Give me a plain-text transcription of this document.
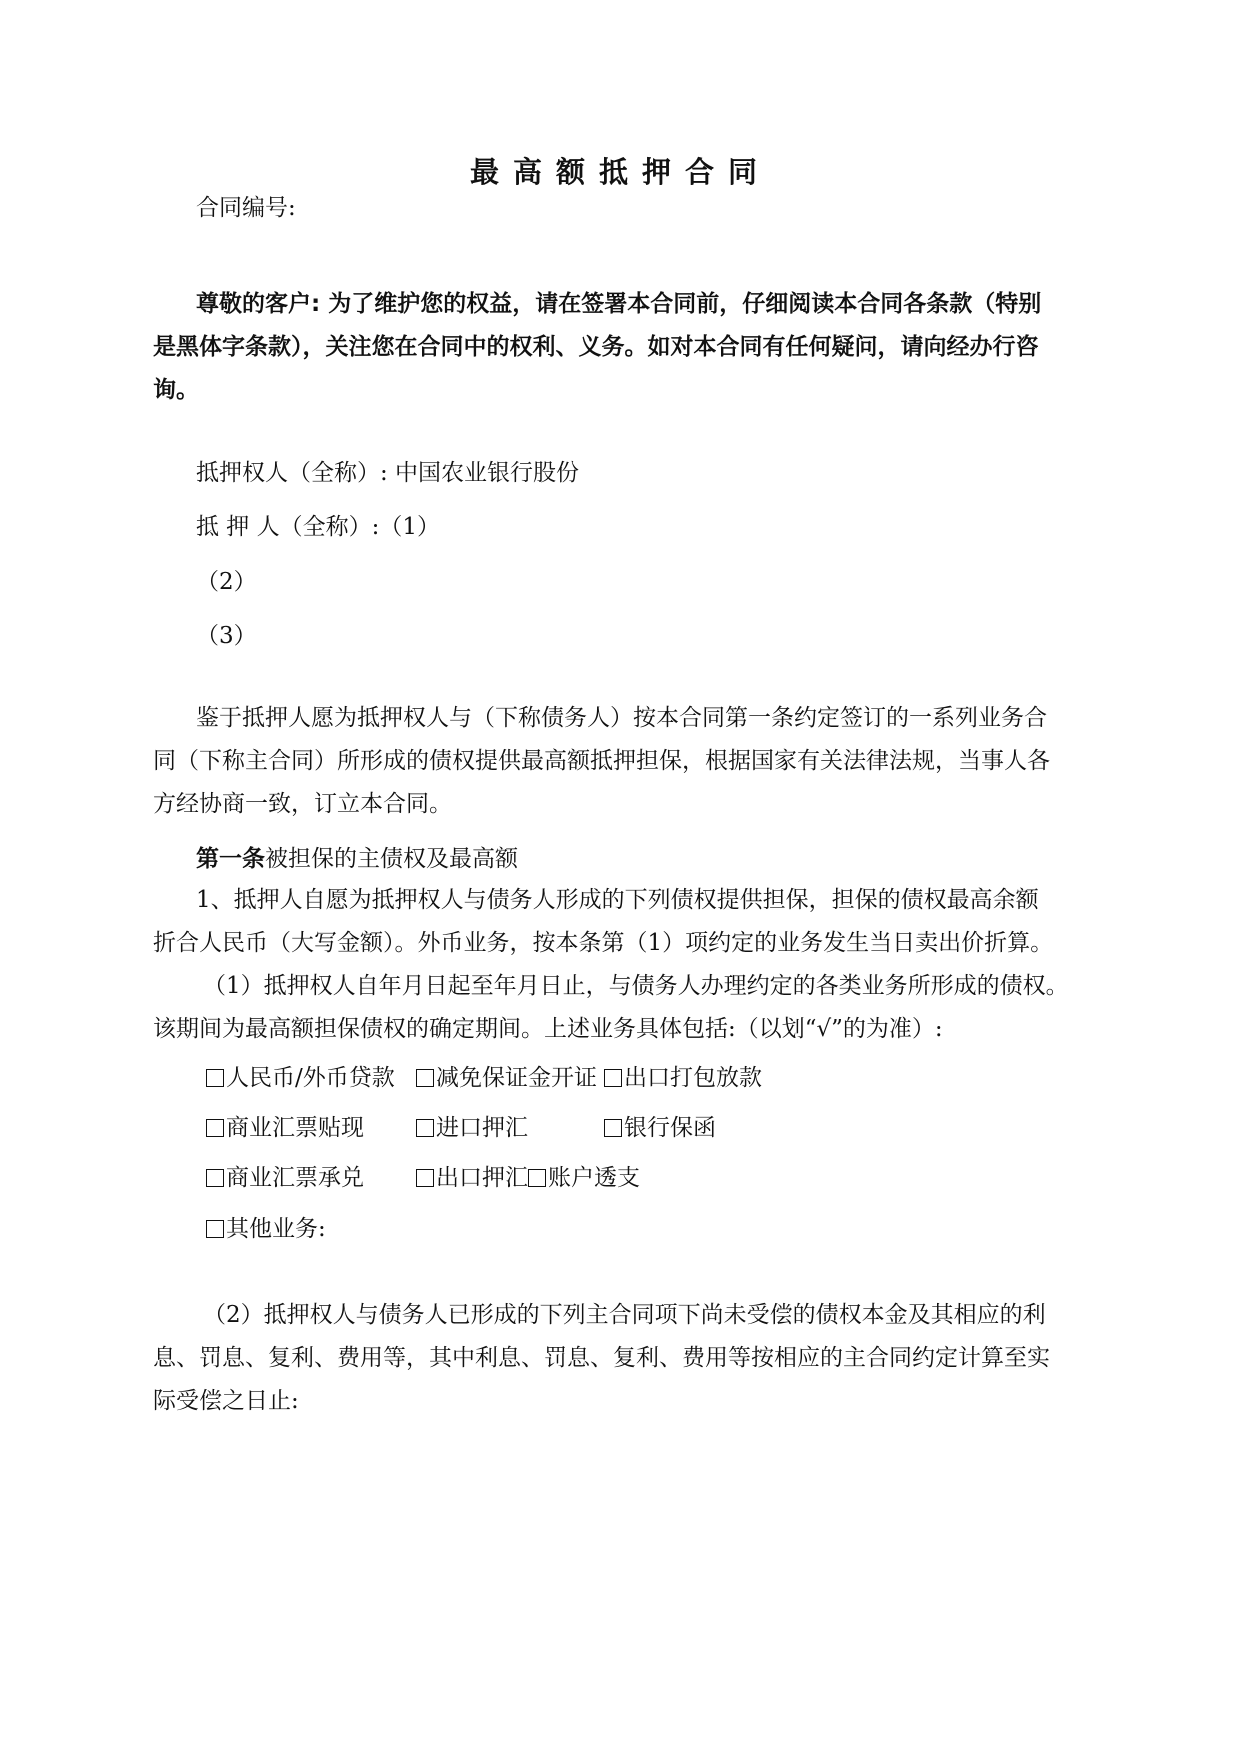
最高额抵押合同
合同编号:
尊敬的客户: 为了维护您的权益，请在签署本合同前，仔细阅读本合同各条款（特别
是黑体字条款），关注您在合同中的权利、义务。如对本合同有任何疑问，请向经办行咨
询。
抵押权人（全称）: 中国农业银行股份
抵 押 人（全称）:（1）
（2）
（3）
鉴于抵押人愿为抵押权人与（下称债务人）按本合同第一条约定签订的一系列业务合
同（下称主合同）所形成的债权提供最高额抵押担保，根据国家有关法律法规，当事人各
方经协商一致，订立本合同。
第一条被担保的主债权及最高额
1、抵押人自愿为抵押权人与债务人形成的下列债权提供担保，担保的债权最高余额
折合人民币（大写金额）。外币业务，按本条第（1）项约定的业务发生当日卖出价折算。
（1）抵押权人自年月日起至年月日止，与债务人办理约定的各类业务所形成的债权。
该期间为最高额担保债权的确定期间。上述业务具体包括:（以划“√”的为准）:
人民币/外币贷款	减免保证金开证	出口打包放款
商业汇票贴现	进口押汇	银行保函
商业汇票承兑	出口押汇 账户透支
其他业务:
（2）抵押权人与债务人已形成的下列主合同项下尚未受偿的债权本金及其相应的利
息、罚息、复利、费用等，其中利息、罚息、复利、费用等按相应的主合同约定计算至实
际受偿之日止:
